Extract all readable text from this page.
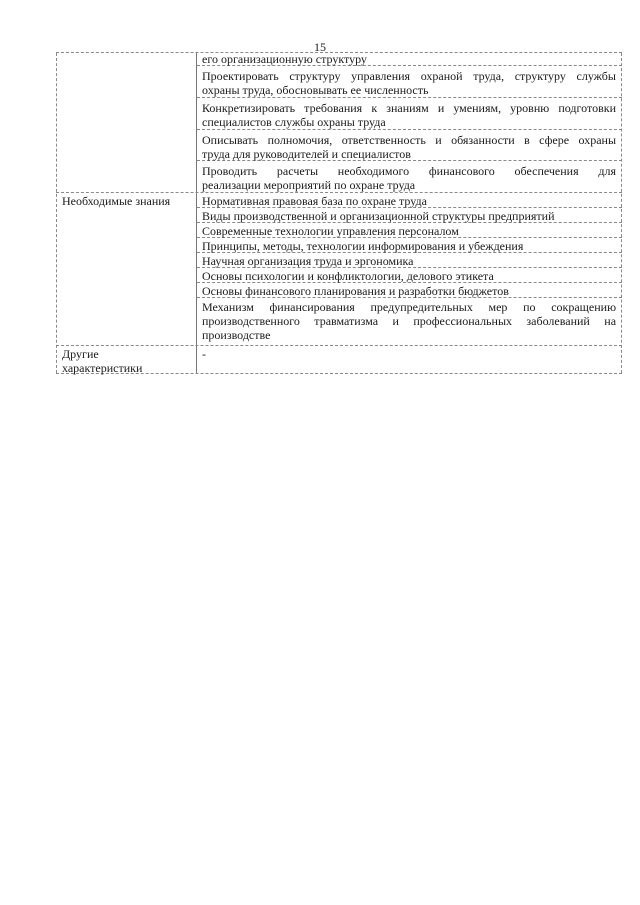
15
его организационную структуру
Проектировать структуру управления охраной труда, структуру службы
охраны труда, обосновывать ее численность
Конкретизировать требования к знаниям и умениям, уровню подготовки
специалистов службы охраны труда
Описывать полномочия, ответственность и обязанности в сфере охраны
труда для руководителей и специалистов
Проводить расчеты необходимого финансового обеспечения для
реализации мероприятий по охране труда
Необходимые знания	Нормативная правовая база по охране труда
Виды производственной и организационной структуры предприятий
Современные технологии управления персоналом
Принципы, методы, технологии информирования и убеждения
Научная организация труда и эргономика
Основы психологии и конфликтологии, делового этикета
Основы финансового планирования и разработки бюджетов
Механизм финансирования предупредительных мер по сокращению
производственного травматизма и профессиональных заболеваний на
производстве
Другие
характеристики
-
